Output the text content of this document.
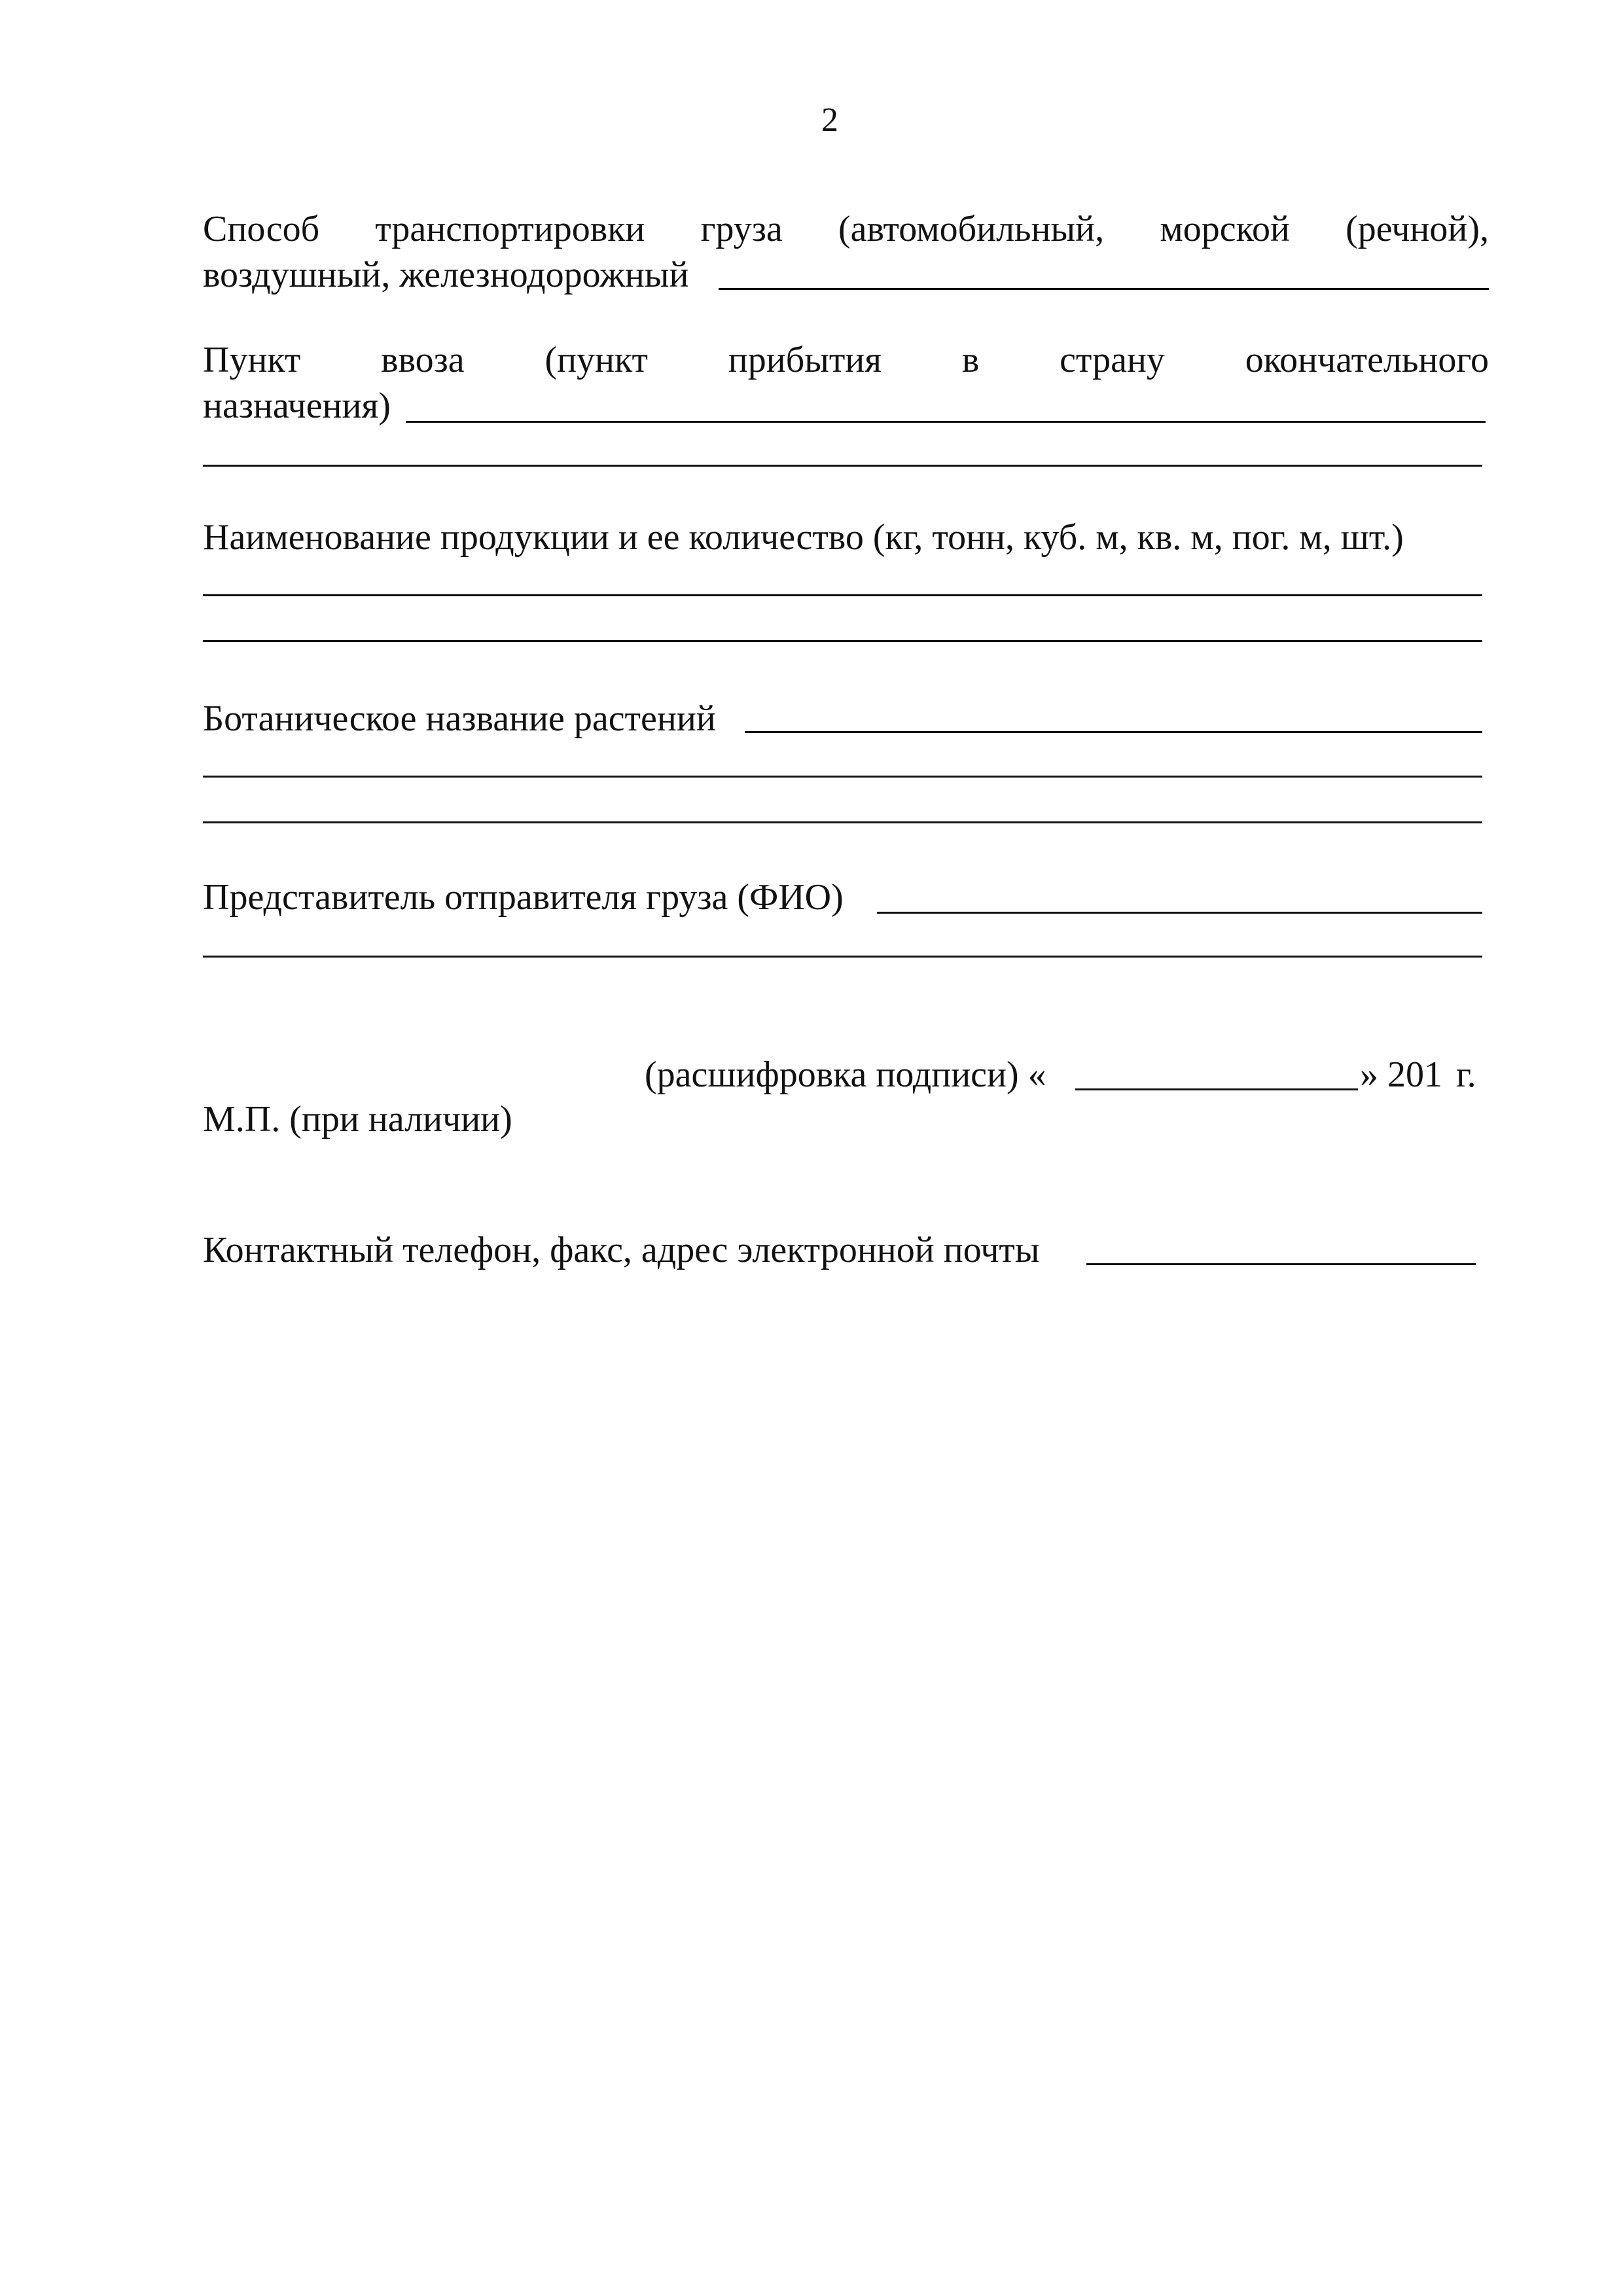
2
Способ транспортировки груза (автомобильный, морской (речной),
воздушный, железнодорожный
Пункт ввоза (пункт прибытия в страну окончательного
назначения)
Наименование продукции и ее количество (кг, тонн, куб. м, кв. м, пог. м, шт.)
Ботаническое название растений
Представитель отправителя груза (ФИО)
(расшифровка подписи) «	» 201 г.
М.П. (при наличии)
Контактный телефон, факс, адрес электронной почты
